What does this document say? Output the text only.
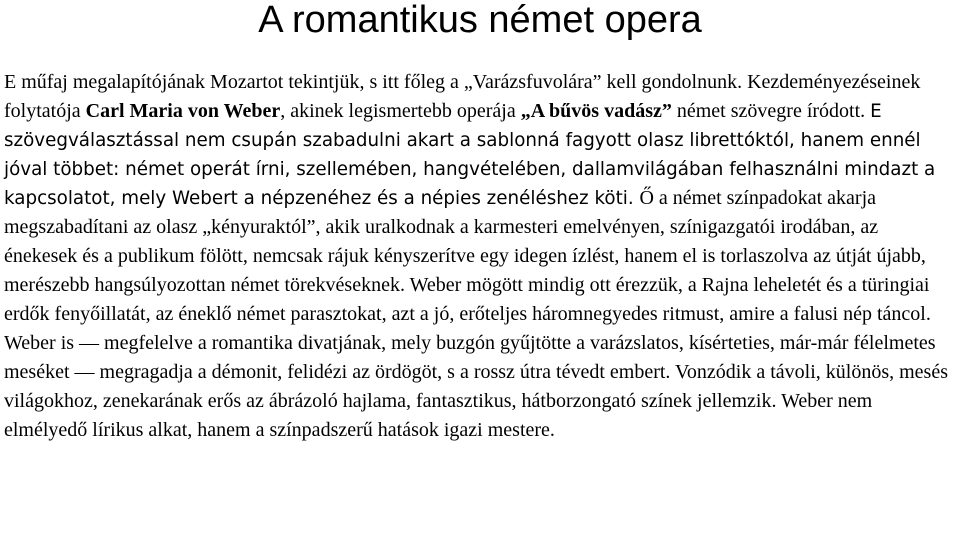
A romantikus német opera

E műfaj megalapítójának Mozartot tekintjük, s itt főleg a „Varázsfuvolára” kell gondolnunk. Kezdeményezéseinek folytatója Carl Maria von Weber, akinek legismertebb operája „A bűvös vadász” német szövegre íródott. E szövegválasztással nem csupán szabadulni akart a sablonná fagyott olasz librettóktól, hanem ennél jóval többet: német operát írni, szellemében, hangvételében, dallamvilágában felhasználni mindazt a kapcsolatot, mely Webert a népzenéhez és a népies zenéléshez köti. Ő a német színpadokat akarja megszabadítani az olasz „kényuraktól”, akik uralkodnak a karmesteri emelvényen, színigazgatói irodában, az énekesek és a publikum fölött, nemcsak rájuk kényszerítve egy idegen ízlést, hanem el is torlaszolva az útját újabb, merészebb hangsúlyozottan német törekvéseknek. Weber mögött mindig ott érezzük, a Rajna leheletét és a türingiai erdők fenyőillatát, az éneklő német parasztokat, azt a jó, erőteljes háromnegyedes ritmust, amire a falusi nép táncol. Weber is ― megfelelve a romantika divatjának, mely buzgón gyűjtötte a varázslatos, kísérteties, már-már félelmetes meséket ― megragadja a démonit, felidézi az ördögöt, s a rossz útra tévedt embert. Vonzódik a távoli, különös, mesés világokhoz, zenekarának erős az ábrázoló hajlama, fantasztikus, hátborzongató színek jellemzik. Weber nem elmélyedő lírikus alkat, hanem a színpadszerű hatások igazi mestere.
